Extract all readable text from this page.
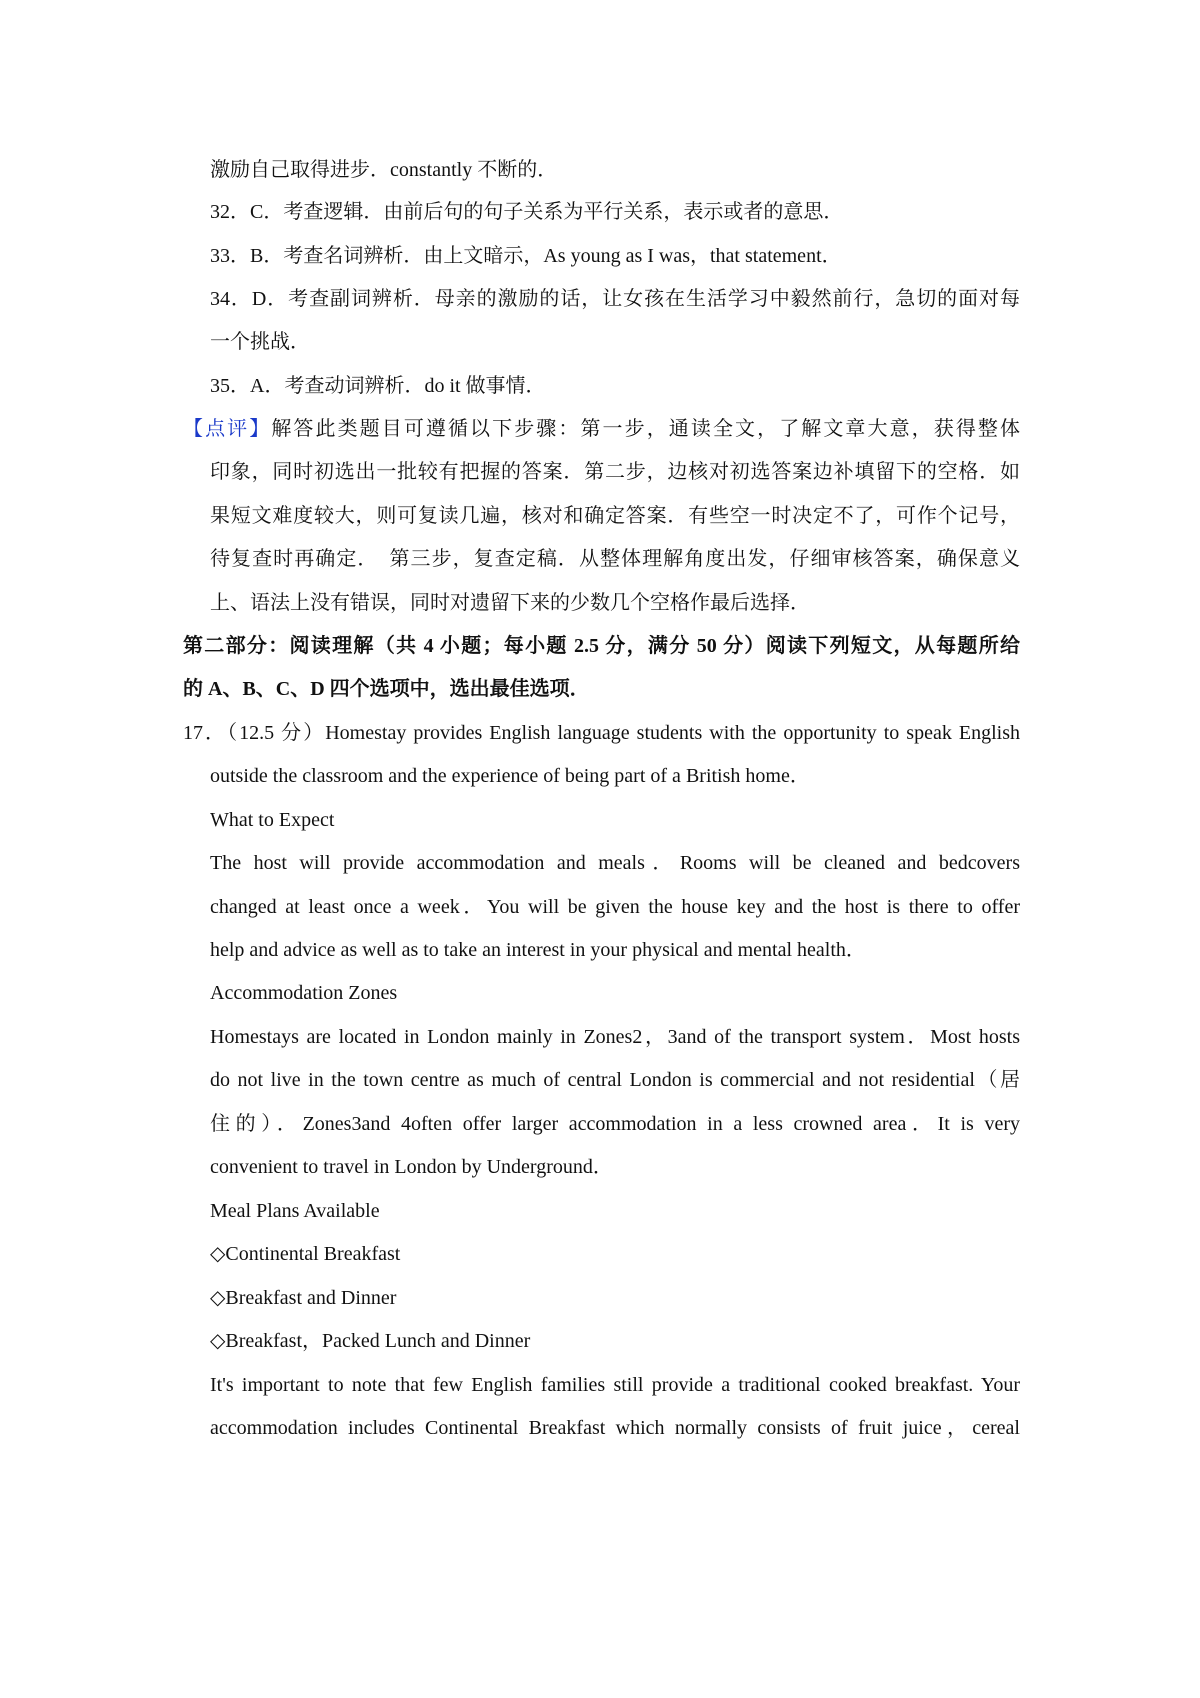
激励自己取得进步．constantly 不断的．
32．C．考查逻辑．由前后句的句子关系为平行关系，表示或者的意思．
33．B．考查名词辨析．由上文暗示，As young as I was，that statement．
34．D．考查副词辨析．母亲的激励的话，让女孩在生活学习中毅然前行，急切的面对每
一个挑战．
35．A．考查动词辨析．do it 做事情．
【点评】解答此类题目可遵循以下步骤：第一步，通读全文，了解文章大意，获得整体
印象，同时初选出一批较有把握的答案．第二步，边核对初选答案边补填留下的空格．如
果短文难度较大，则可复读几遍，核对和确定答案．有些空一时决定不了，可作个记号，
待复查时再确定．　第三步，复查定稿．从整体理解角度出发，仔细审核答案，确保意义
上、语法上没有错误，同时对遗留下来的少数几个空格作最后选择．
第二部分：阅读理解（共 4 小题；每小题 2.5 分，满分 50 分）阅读下列短文，从每题所给
的 A、B、C、D 四个选项中，选出最佳选项．
17．（12.5 分）Homestay provides English language students with the opportunity to speak English
outside the classroom and the experience of being part of a British home．
What to Expect
The host will provide accommodation and meals．Rooms will be cleaned and bedcovers
changed at least once a week．You will be given the house key and the host is there to offer
help and advice as well as to take an interest in your physical and mental health．
Accommodation Zones
Homestays are located in London mainly in Zones2，3and of the transport system．Most hosts
do not live in the town centre as much of central London is commercial and not residential（居
住的）．Zones3and 4often offer larger accommodation in a less crowned area．It is very
convenient to travel in London by Underground．
Meal Plans Available
◇Continental Breakfast
◇Breakfast and Dinner
◇Breakfast，Packed Lunch and Dinner
It's important to note that few English families still provide a traditional cooked breakfast. Your
accommodation includes Continental Breakfast which normally consists of fruit juice，cereal
